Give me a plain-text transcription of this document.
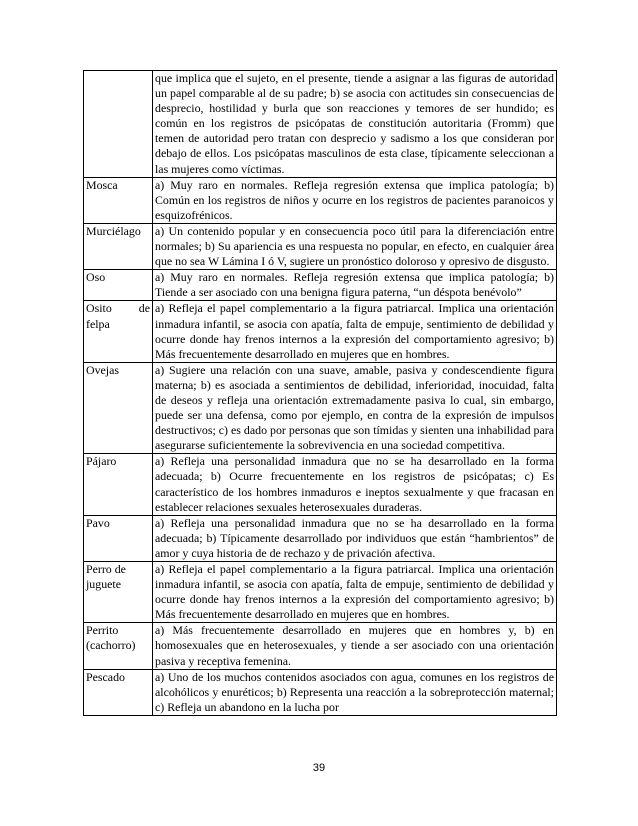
	que implica que el sujeto, en el presente, tiende a asignar a las figuras de autoridad un papel comparable al de su padre; b) se asocia con actitudes sin consecuencias de desprecio, hostilidad y burla que son reacciones y temores de ser hundido; es común en los registros de psicópatas de constitución autoritaria (Fromm) que temen de autoridad pero tratan con desprecio y sadismo a los que consideran por debajo de ellos. Los psicópatas masculinos de esta clase, típicamente seleccionan a las mujeres como víctimas.
Mosca	a) Muy raro en normales. Refleja regresión extensa que implica patología; b) Común en los registros de niños y ocurre en los registros de pacientes paranoicos y esquizofrénicos.
Murciélago	a) Un contenido popular y en consecuencia poco útil para la diferenciación entre normales; b) Su apariencia es una respuesta no popular, en efecto, en cualquier área que no sea W Lámina I ó V, sugiere un pronóstico doloroso y opresivo de disgusto.
Oso	a) Muy raro en normales. Refleja regresión extensa que implica patología; b) Tiende a ser asociado con una benigna figura paterna, “un déspota benévolo”
Osito de felpa	a) Refleja el papel complementario a la figura patriarcal. Implica una orientación inmadura infantil, se asocia con apatía, falta de empuje, sentimiento de debilidad y ocurre donde hay frenos internos a la expresión del comportamiento agresivo; b) Más frecuentemente desarrollado en mujeres que en hombres.
Ovejas	a) Sugiere una relación con una suave, amable, pasiva y condescendiente figura materna; b) es asociada a sentimientos de debilidad, inferioridad, inocuidad, falta de deseos y refleja una orientación extremadamente pasiva lo cual, sin embargo, puede ser una defensa, como por ejemplo, en contra de la expresión de impulsos destructivos; c) es dado por personas que son tímidas y sienten una inhabilidad para asegurarse suficientemente la sobrevivencia en una sociedad competitiva.
Pájaro	a) Refleja una personalidad inmadura que no se ha desarrollado en la forma adecuada; b) Ocurre frecuentemente en los registros de psicópatas; c) Es característico de los hombres inmaduros e ineptos sexualmente y que fracasan en establecer relaciones sexuales heterosexuales duraderas.
Pavo	a) Refleja una personalidad inmadura que no se ha desarrollado en la forma adecuada; b) Típicamente desarrollado por individuos que están “hambrientos” de amor y cuya historia de de rechazo y de privación afectiva.
Perro de juguete	a) Refleja el papel complementario a la figura patriarcal. Implica una orientación inmadura infantil, se asocia con apatía, falta de empuje, sentimiento de debilidad y ocurre donde hay frenos internos a la expresión del comportamiento agresivo; b) Más frecuentemente desarrollado en mujeres que en hombres.
Perrito (cachorro)	a) Más frecuentemente desarrollado en mujeres que en hombres y, b) en homosexuales que en heterosexuales, y tiende a ser asociado con una orientación pasiva y receptiva femenina.
Pescado	a) Uno de los muchos contenidos asociados con agua, comunes en los registros de alcohólicos y enuréticos; b) Representa una reacción a la sobreprotección maternal; c) Refleja un abandono en la lucha por
39
